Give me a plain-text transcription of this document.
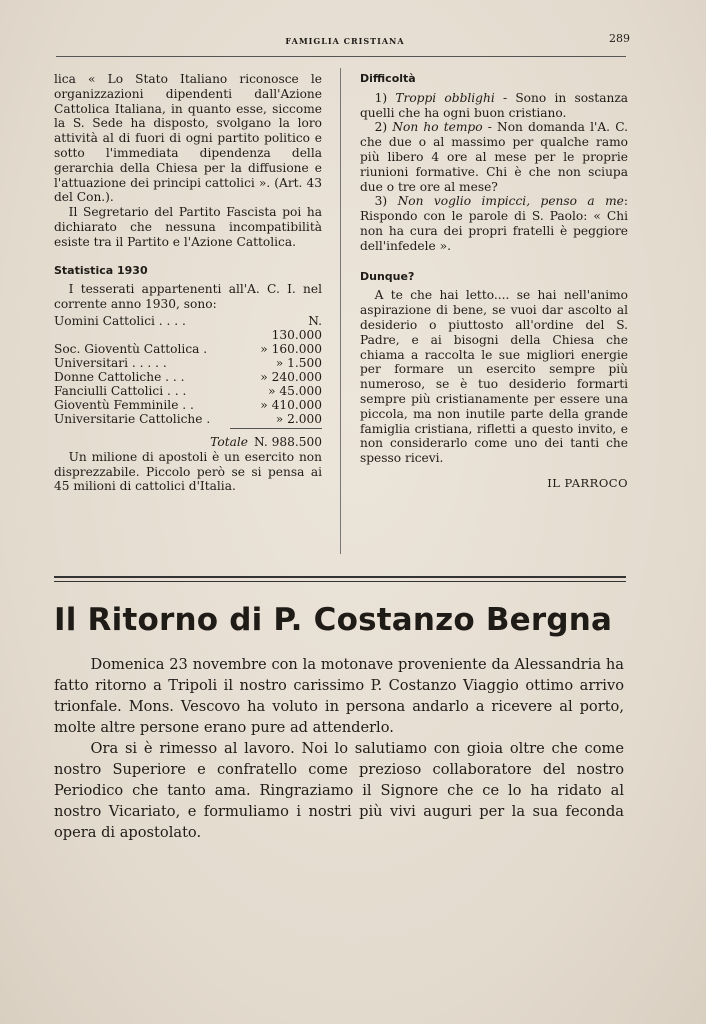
FAMIGLIA CRISTIANA	289

lica « Lo Stato Italiano riconosce le organizzazioni dipendenti dall'Azione Cattolica Italiana, in quanto esse, siccome la S. Sede ha disposto, svolgano la loro attività al di fuori di ogni partito politico e sotto l'immediata dipendenza della gerarchia della Chiesa per la diffusione e l'attuazione dei principi cattolici ». (Art. 43 del Con.).

Il Segretario del Partito Fascista poi ha dichiarato che nessuna incompatibilità esiste tra il Partito e l'Azione Cattolica.

Statistica 1930

I tesserati appartenenti all'A. C. I. nel corrente anno 1930, sono:

Uomini Cattolici . . . .	N. 130.000
Soc. Gioventù Cattolica .	» 160.000
Universitari . . . . .	» 1.500
Donne Cattoliche . . .	» 240.000
Fanciulli Cattolici . . .	» 45.000
Gioventù Femminile . .	» 410.000
Universitarie Cattoliche .	» 2.000
Totale N. 988.500

Un milione di apostoli è un esercito non disprezzabile. Piccolo però se si pensa ai 45 milioni di cattolici d'Italia.

Difficoltà

1) Troppi obblighi - Sono in sostanza quelli che ha ogni buon cristiano.

2) Non ho tempo - Non domanda l'A. C. che due o al massimo per qualche ramo più libero 4 ore al mese per le proprie riunioni formative. Chi è che non sciupa due o tre ore al mese?

3) Non voglio impicci, penso a me: Rispondo con le parole di S. Paolo: « Chi non ha cura dei propri fratelli è peggiore dell'infedele ».

Dunque?

A te che hai letto.... se hai nell'animo aspirazione di bene, se vuoi dar ascolto al desiderio o piuttosto all'ordine del S. Padre, e ai bisogni della Chiesa che chiama a raccolta le sue migliori energie per formare un esercito sempre più numeroso, se è tuo desiderio formarti sempre più cristianamente per essere una piccola, ma non inutile parte della grande famiglia cristiana, rifletti a questo invito, e non considerarlo come uno dei tanti che spesso ricevi.

IL PARROCO
Il Ritorno di P. Costanzo Bergna

Domenica 23 novembre con la motonave proveniente da Alessandria ha fatto ritorno a Tripoli il nostro carissimo P. Costanzo Viaggio ottimo arrivo trionfale. Mons. Vescovo ha voluto in persona andarlo a ricevere al porto, molte altre persone erano pure ad attenderlo.

Ora si è rimesso al lavoro. Noi lo salutiamo con gioia oltre che come nostro Superiore e confratello come prezioso collaboratore del nostro Periodico che tanto ama. Ringraziamo il Signore che ce lo ha ridato al nostro Vicariato, e formuliamo i nostri più vivi auguri per la sua feconda opera di apostolato.
